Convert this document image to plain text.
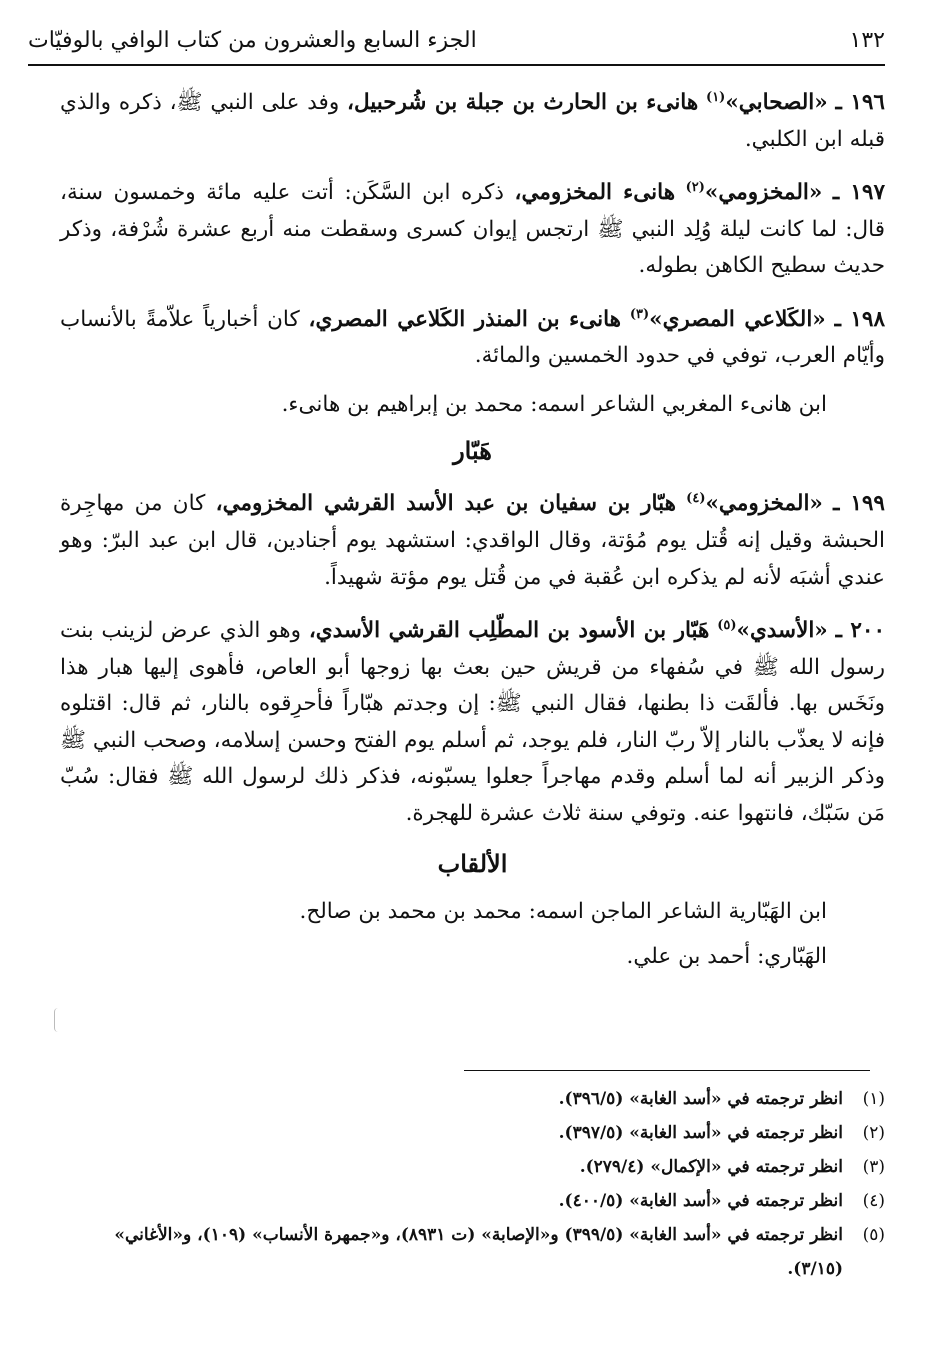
١٣٢
الجزء السابع والعشرون من كتاب الوافي بالوفيّات

١٩٦ ـ «الصحابي»$^{(١)}$ هانىء بن الحارث بن جبلة بن شُرحبيل، وفد على النبي ﷺ، ذكره والذي قبله ابن الكلبي.

١٩٧ ـ «المخزومي»$^{(٢)}$ هانىء المخزومي، ذكره ابن السَّكَن: أتت عليه مائة وخمسون سنة، قال: لما كانت ليلة وُلِد النبي ﷺ ارتجس إيوان كسرى وسقطت منه أربع عشرة شُرْفة، وذكر حديث سطيح الكاهن بطوله.

١٩٨ ـ «الكَلاعي المصري»$^{(٣)}$ هانىء بن المنذر الكَلاعي المصري، كان أخبارياً علاّمةً بالأنساب وأيّام العرب، توفي في حدود الخمسين والمائة.

ابن هانىء المغربي الشاعر اسمه: محمد بن إبراهيم بن هانىء.

هَبّار

١٩٩ ـ «المخزومي»$^{(٤)}$ هبّار بن سفيان بن عبد الأسد القرشي المخزومي، كان من مهاجِرة الحبشة وقيل إنه قُتل يوم مُؤتة، وقال الواقدي: استشهد يوم أجنادين، قال ابن عبد البرّ: وهو عندي أشبَه لأنه لم يذكره ابن عُقبة في من قُتل يوم مؤتة شهيداً.

٢٠٠ ـ «الأسدي»$^{(٥)}$ هَبّار بن الأسود بن المطّلِب القرشي الأسدي، وهو الذي عرض لزينب بنت رسول الله ﷺ في سُفهاء من قريش حين بعث بها زوجها أبو العاص، فأهوى إليها هبار هذا ونَخَس بها. فألقَت ذا بطنها، فقال النبي ﷺ: إن وجدتم هبّاراً فأحرِقوه بالنار، ثم قال: اقتلوه فإنه لا يعذّب بالنار إلاّ ربّ النار، فلم يوجد، ثم أسلم يوم الفتح وحسن إسلامه، وصحب النبي ﷺ وذكر الزبير أنه لما أسلم وقدم مهاجراً جعلوا يسبّونه، فذكر ذلك لرسول الله ﷺ فقال: سُبّ مَن سَبّك، فانتهوا عنه. وتوفي سنة ثلاث عشرة للهجرة.

الألقاب

ابن الهَبّارية الشاعر الماجن اسمه: محمد بن محمد بن صالح.

الهَبّاري: أحمد بن علي.

(١)
انظر ترجمته في «أسد الغابة» (٣٩٦/٥).
(٢)
انظر ترجمته في «أسد الغابة» (٣٩٧/٥).
(٣)
انظر ترجمته في «الإكمال» (٢٧٩/٤).
(٤)
انظر ترجمته في «أسد الغابة» (٤٠٠/٥).
(٥)
انظر ترجمته في «أسد الغابة» (٣٩٩/٥) و«الإصابة» (ت ٨٩٣١)، و«جمهرة الأنساب» (١٠٩)، و«الأغاني» (٣/١٥).
